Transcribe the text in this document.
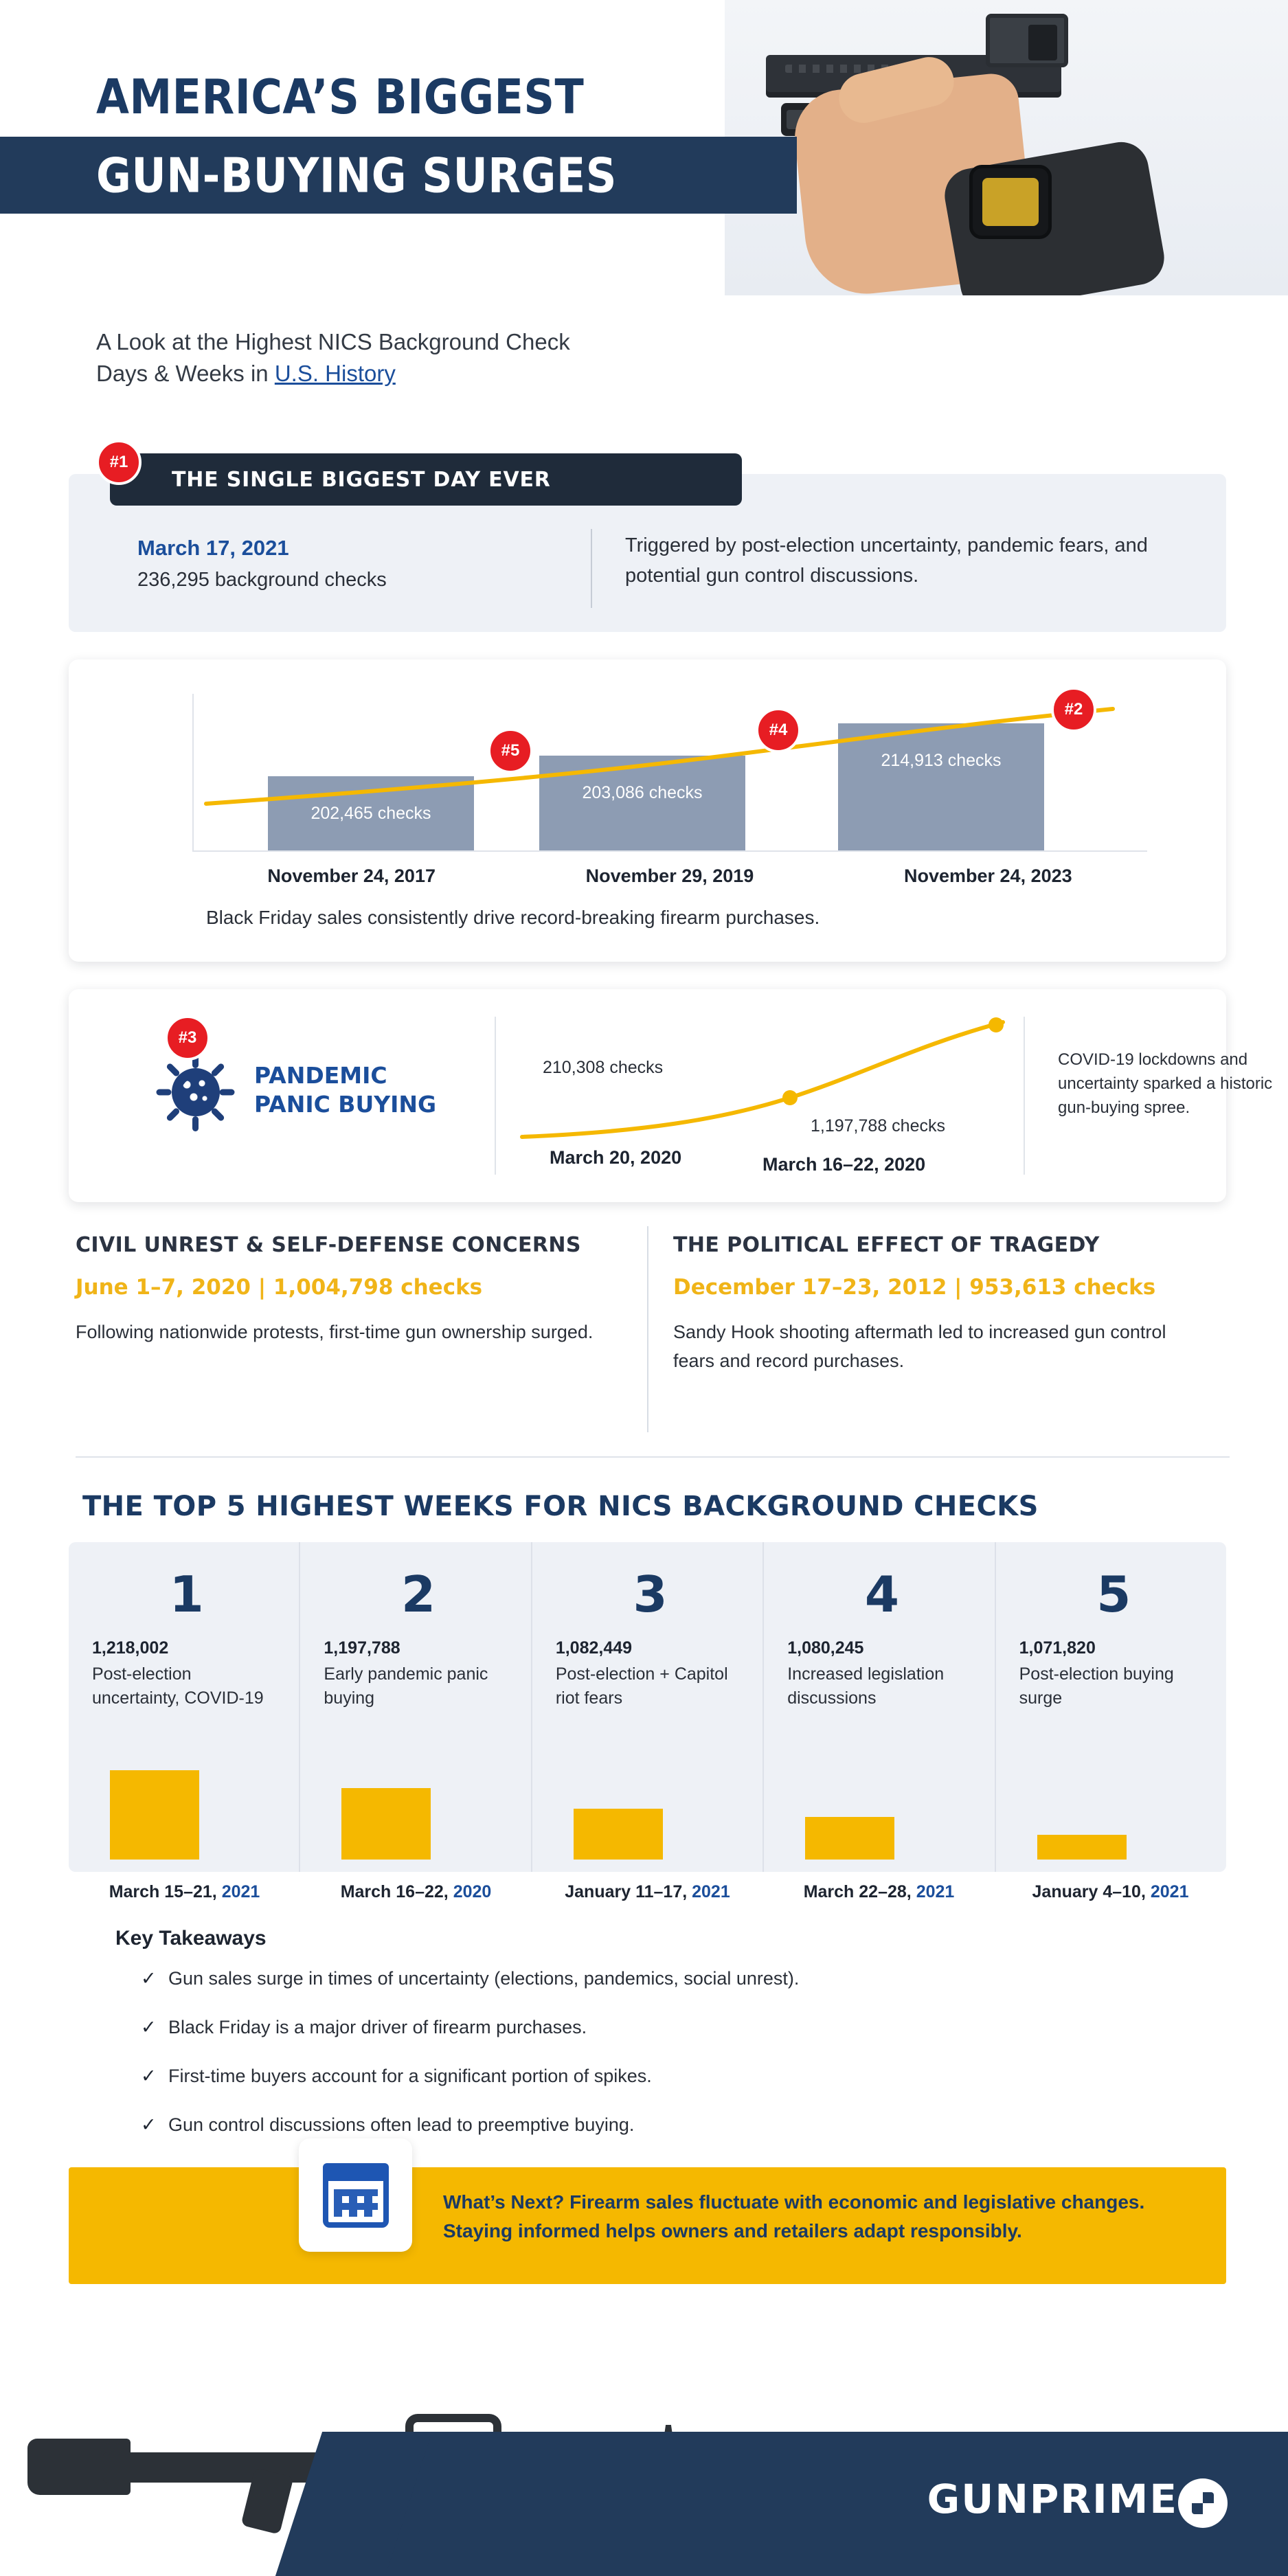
AMERICA’S BIGGEST
GUN-BUYING SURGES
A Look at the Highest NICS Background Check
Days & Weeks in U.S. History
THE SINGLE BIGGEST DAY EVER
March 17, 2021
236,295 background checks
Triggered by post-election uncertainty, pandemic fears, and potential gun control discussions.
#1
202,465 checks
203,086 checks
214,913 checks
#5
#4
#2
November 24, 2017	November 29, 2019	November 24, 2023
Black Friday sales consistently drive record-breaking firearm purchases.
PANDEMIC
PANIC BUYING
210,308 checks
1,197,788 checks
March 20, 2020	March 16–22, 2020
COVID-19 lockdowns and uncertainty sparked a historic gun-buying spree.
#3
CIVIL UNREST & SELF-DEFENSE CONCERNS
June 1–7, 2020 | 1,004,798 checks

Following nationwide protests, first-time gun ownership surged.

THE POLITICAL EFFECT OF TRAGEDY
December 17–23, 2012 | 953,613 checks

Sandy Hook shooting aftermath led to increased gun control fears and record purchases.

THE TOP 5 HIGHEST WEEKS FOR NICS BACKGROUND CHECKS
1
1,218,002
Post-election uncertainty, COVID-19
2
1,197,788
Early pandemic panic buying
3
1,082,449
Post-election + Capitol riot fears
4
1,080,245
Increased legislation discussions
5
1,071,820
Post-election buying surge
March 15–21, 2021	March 16–22, 2020	January 11–17, 2021	March 22–28, 2021	January 4–10, 2021
Key Takeaways
✓ Gun sales surge in times of uncertainty (elections, pandemics, social unrest).
✓ Black Friday is a major driver of firearm purchases.
✓ First-time buyers account for a significant portion of spikes.
✓ Gun control discussions often lead to preemptive buying.
What’s Next? Firearm sales fluctuate with economic and legislative changes. Staying informed helps owners and retailers adapt responsibly.
GUNPRIME
